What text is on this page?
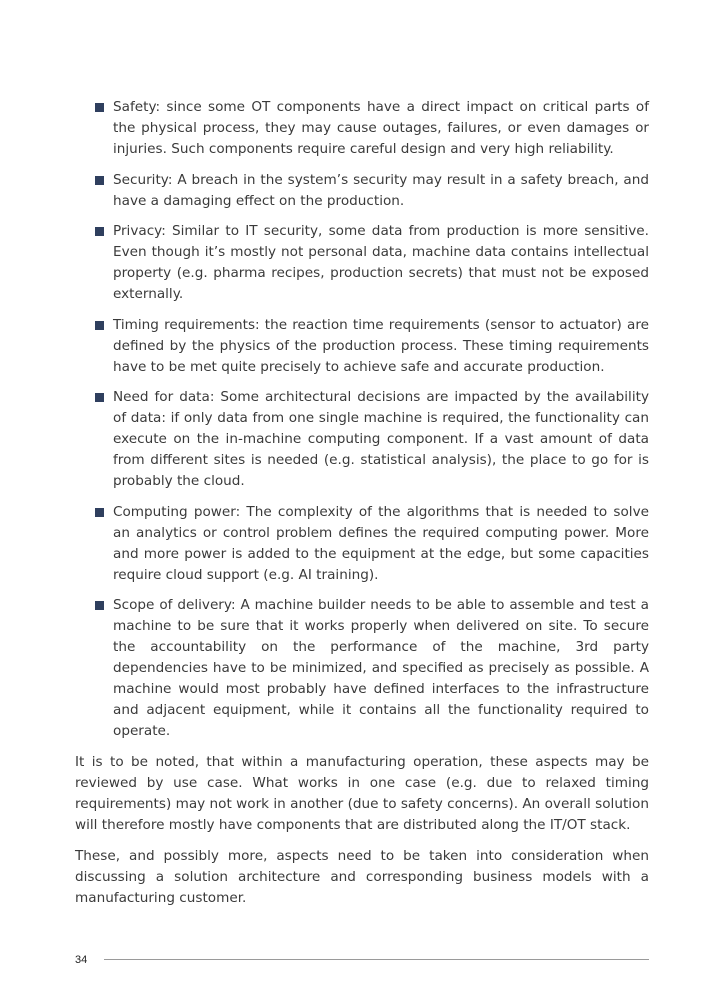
Safety: since some OT components have a direct impact on critical parts of the physical process, they may cause outages, failures, or even damages or injuries. Such components require careful design and very high reliability.
Security: A breach in the system’s security may result in a safety breach, and have a damaging effect on the production.
Privacy: Similar to IT security, some data from production is more sensitive. Even though it’s mostly not personal data, machine data contains intellectual property (e.g. pharma recipes, production secrets) that must not be exposed externally.
Timing requirements: the reaction time requirements (sensor to actuator) are defined by the physics of the production process. These timing requirements have to be met quite precisely to achieve safe and accurate production.
Need for data: Some architectural decisions are impacted by the availability of data: if only data from one single machine is required, the functionality can execute on the in-machine computing component. If a vast amount of data from different sites is needed (e.g. statistical analysis), the place to go for is probably the cloud.
Computing power: The complexity of the algorithms that is needed to solve an analytics or control problem defines the required computing power. More and more power is added to the equipment at the edge, but some capacities require cloud support (e.g. AI training).
Scope of delivery: A machine builder needs to be able to assemble and test a machine to be sure that it works properly when delivered on site. To secure the accountability on the performance of the machine, 3rd party dependencies have to be minimized, and specified as precisely as possible. A machine would most probably have defined interfaces to the infrastructure and adjacent equipment, while it contains all the functionality required to operate.

It is to be noted, that within a manufacturing operation, these aspects may be reviewed by use case. What works in one case (e.g. due to relaxed timing requirements) may not work in another (due to safety concerns). An overall solution will therefore mostly have components that are distributed along the IT/OT stack.

These, and possibly more, aspects need to be taken into consideration when discussing a solution architecture and corresponding business models with a manufacturing customer.

34
